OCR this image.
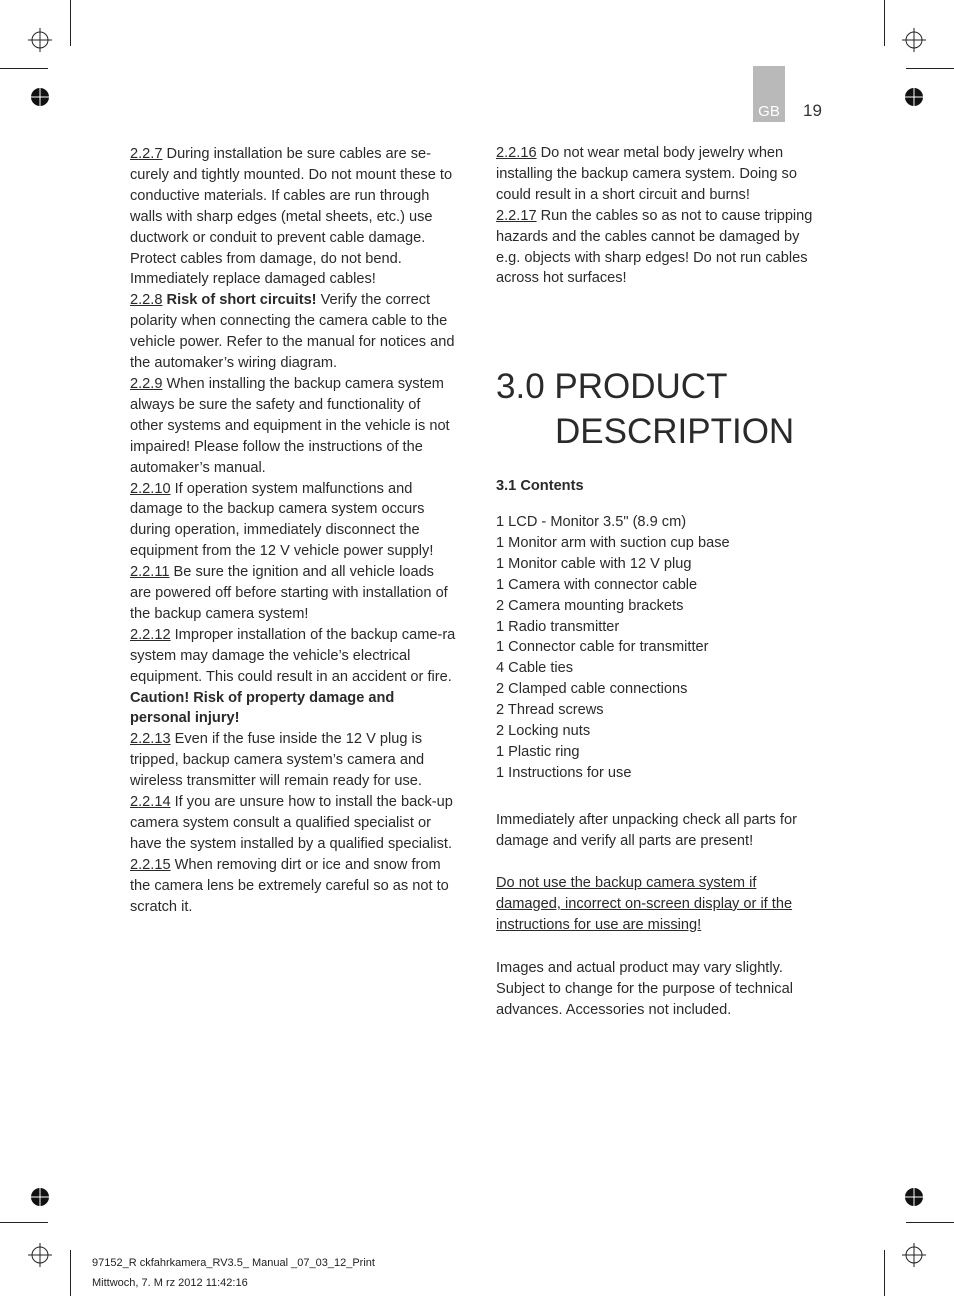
GB	19

2.2.7 During installation be sure cables are se-curely and tightly mounted. Do not mount these to conductive materials. If cables are run through walls with sharp edges (metal sheets, etc.) use ductwork or conduit to prevent cable damage. Protect cables from damage, do not bend. Immediately replace damaged cables!

2.2.8 Risk of short circuits! Verify the correct polarity when connecting the camera cable to the vehicle power. Refer to the manual for notices and the automaker’s wiring diagram.

2.2.9 When installing the backup camera system always be sure the safety and functionality of other systems and equipment in the vehicle is not impaired! Please follow the instructions of the automaker’s manual.

2.2.10 If operation system malfunctions and damage to the backup camera system occurs during operation, immediately disconnect the equipment from the 12 V vehicle power supply!

2.2.11 Be sure the ignition and all vehicle loads are powered off before starting with installation of the backup camera system!

2.2.12 Improper installation of the backup came-ra system may damage the vehicle’s electrical equipment. This could result in an accident or fire.

Caution! Risk of property damage and personal injury!

2.2.13 Even if the fuse inside the 12 V plug is tripped, backup camera system’s camera and wireless transmitter will remain ready for use.

2.2.14 If you are unsure how to install the back-up camera system consult a qualified specialist or have the system installed by a qualified specialist.

2.2.15 When removing dirt or ice and snow from the camera lens be extremely careful so as not to scratch it.

2.2.16 Do not wear metal body jewelry when installing the backup camera system. Doing so could result in a short circuit and burns!

2.2.17 Run the cables so as not to cause tripping hazards and the cables cannot be damaged by e.g. objects with sharp edges! Do not run cables across hot surfaces!

3.0 PRODUCT
DESCRIPTION
3.1 Contents
1 LCD - Monitor 3.5" (8.9 cm)
1 Monitor arm with suction cup base
1 Monitor cable with 12 V plug
1 Camera with connector cable
2 Camera mounting brackets
1 Radio transmitter
1 Connector cable for transmitter
4 Cable ties
2 Clamped cable connections
2 Thread screws
2 Locking nuts
1 Plastic ring
1 Instructions for use

Immediately after unpacking check all parts for damage and verify all parts are present!

Do not use the backup camera system if damaged, incorrect on-screen display or if the instructions for use are missing!

Images and actual product may vary slightly. Subject to change for the purpose of technical advances. Accessories not included.

97152_R ckfahrkamera_RV3.5_ Manual _07_03_12_Print
Mittwoch, 7. M rz 2012 11:42:16
